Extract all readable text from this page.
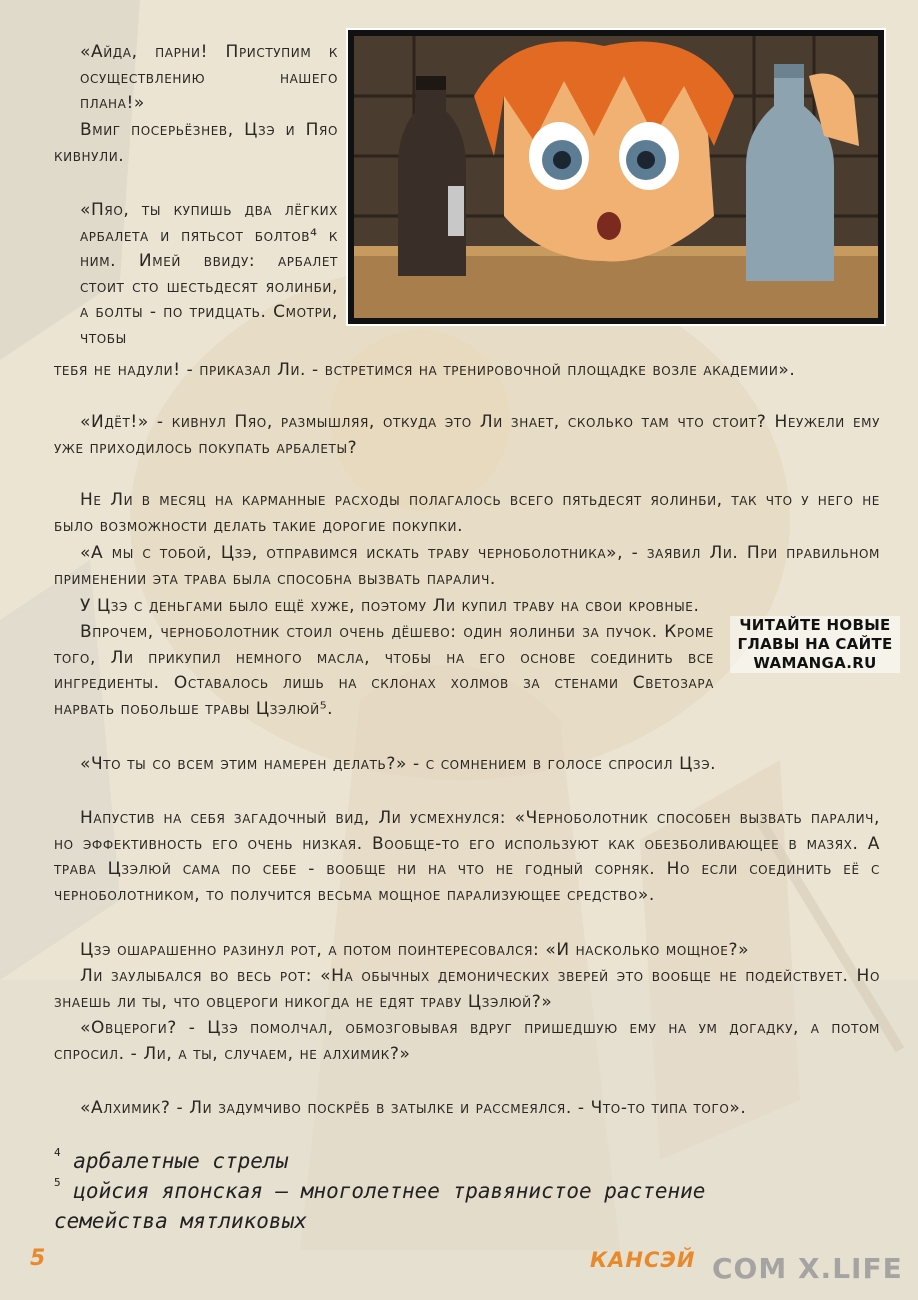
«Айда, парни! Приступим к осуществлению нашего плана!»

Вмиг посерьёзнев, Цзэ и Пяо кивнули.

«Пяо, ты купишь два лёгких арбалета и пятьсот болтов⁴ к ним. Имей ввиду: арбалет стоит сто шестьдесят яолинби, а болты - по тридцать. Смотри, чтобы

тебя не надули! - приказал Ли. - встретимся на тренировочной площадке возле академии».

«Идёт!» - кивнул Пяо, размышляя, откуда это Ли знает, сколько там что стоит? Неужели ему уже приходилось покупать арбалеты?

Не Ли в месяц на карманные расходы полагалось всего пятьдесят яолинби, так что у него не было возможности делать такие дорогие покупки.

«А мы с тобой, Цзэ, отправимся искать траву чернoболотника», - заявил Ли. При правильном применении эта трава была способна вызвать паралич.

У Цзэ с деньгами было ещё хуже, поэтому Ли купил траву на свои кровные.

Впрочем, чернoболотник стоил очень дёшево: один яолинби за пучок. Кроме того, Ли прикупил немного масла, чтобы на его основе соединить все ингредиенты. Оставалось лишь на склонах холмов за стенами Светозара нарвать побольше травы Цзэлюй⁵.

«Что ты со всем этим намерен делать?» - с сомнением в голосе спросил Цзэ.

Напустив на себя загадочный вид, Ли усмехнулся: «Чернoболотник способен вызвать паралич, но эффективность его очень низкая. Вообще-то его используют как обезболивающее в мазях. А трава Цзэлюй сама по себе - вообще ни на что не годный сорняк. Но если соединить её с чернoболотником, то получится весьма мощное парализующее средство».

Цзэ ошарашенно разинул рот, а потом поинтересовался: «И насколько мощное?»

Ли заулыбался во весь рот: «На обычных демонических зверей это вообще не подействует. Но знаешь ли ты, что овцероги никогда не едят траву Цзэлюй?»

«Овцероги? - Цзэ помолчал, обмозговывая вдруг пришедшую ему на ум догадку, а потом спросил. - Ли, а ты, случаем, не алхимик?»

«Алхимик? - Ли задумчиво поскрёб в затылке и рассмеялся. - Что-то типа того».

ЧИТАЙТЕ НОВЫЕ
ГЛАВЫ НА САЙТЕ
WAMANGA.RU
$^4$ арбалетные стрелы
$^5$ цойсия японская – многолетнее травянистое растение
семейства мятликовых
5	КАНСЭЙ COM X.LIFE
